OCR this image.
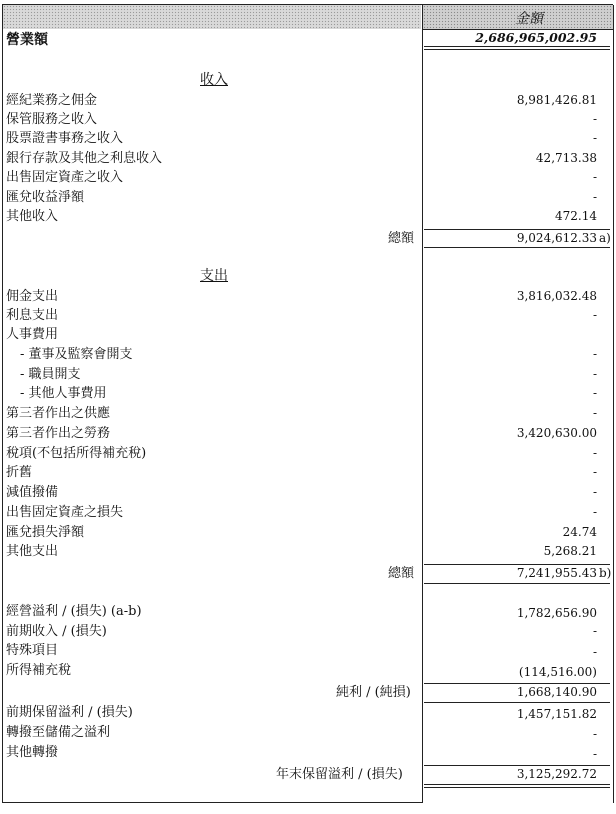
金額
營業額	2,686,965,002.95
收入
經紀業務之佣金	8,981,426.81
保管服務之收入	-
股票證書事務之收入	-
銀行存款及其他之利息收入	42,713.38
出售固定資產之收入	-
匯兌收益淨額	-
其他收入	472.14
總額	9,024,612.33 a)
支出
佣金支出	3,816,032.48
利息支出	-
人事費用
- 董事及監察會開支	-
- 職員開支	-
- 其他人事費用	-
第三者作出之供應	-
第三者作出之勞務	3,420,630.00
稅項(不包括所得補充稅)	-
折舊	-
減值撥備	-
出售固定資產之損失	-
匯兌損失淨額	24.74
其他支出	5,268.21
總額	7,241,955.43 b)
經營溢利 / (損失) (a-b)	1,782,656.90
前期收入 / (損失)	-
特殊項目	-
所得補充稅	(114,516.00)
純利 / (純損)	1,668,140.90
前期保留溢利 / (損失)	1,457,151.82
轉撥至儲備之溢利	-
其他轉撥	-
年末保留溢利 / (損失)	3,125,292.72
